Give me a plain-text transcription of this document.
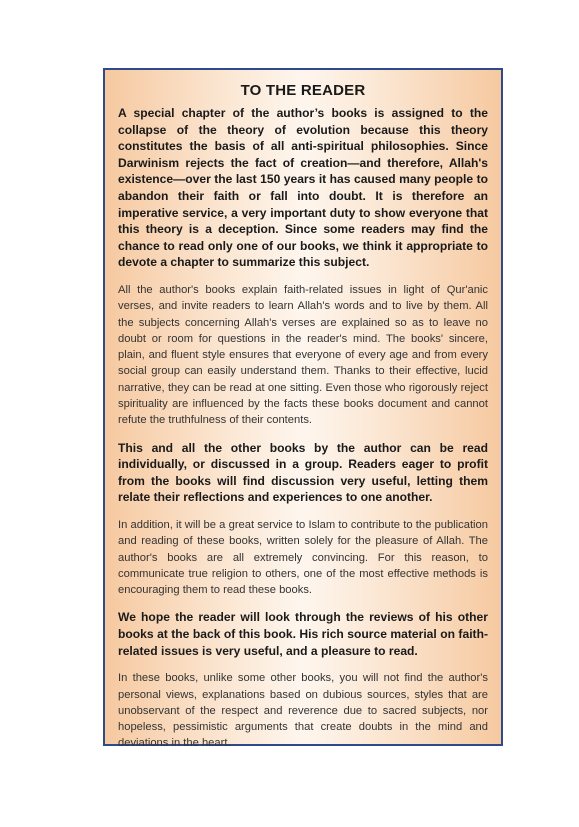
TO THE READER

A special chapter of the author’s books is assigned to the collapse of the theory of evolution because this theory constitutes the basis of all anti-spiritual philosophies. Since Darwinism rejects the fact of creation—and therefore, Allah's existence—over the last 150 years it has caused many people to abandon their faith or fall into doubt. It is therefore an imperative service, a very important duty to show everyone that this theory is a deception. Since some readers may find the chance to read only one of our books, we think it appropriate to devote a chapter to summarize this subject.

All the author's books explain faith-related issues in light of Qur'anic verses, and invite readers to learn Allah's words and to live by them. All the subjects concerning Allah's verses are explained so as to leave no doubt or room for questions in the reader's mind. The books' sincere, plain, and fluent style ensures that everyone of every age and from every social group can easily understand them. Thanks to their effective, lucid narrative, they can be read at one sitting. Even those who rigorously reject spirituality are influenced by the facts these books document and cannot refute the truthfulness of their contents.

This and all the other books by the author can be read individually, or discussed in a group. Readers eager to profit from the books will find discussion very useful, letting them relate their reflections and experiences to one another.

In addition, it will be a great service to Islam to contribute to the publication and reading of these books, written solely for the pleasure of Allah. The author's books are all extremely convincing. For this reason, to communicate true religion to others, one of the most effective methods is encouraging them to read these books.

We hope the reader will look through the reviews of his other books at the back of this book. His rich source material on faith-related issues is very useful, and a pleasure to read.

In these books, unlike some other books, you will not find the author's personal views, explanations based on dubious sources, styles that are unobservant of the respect and reverence due to sacred subjects, nor hopeless, pessimistic arguments that create doubts in the mind and deviations in the heart.
